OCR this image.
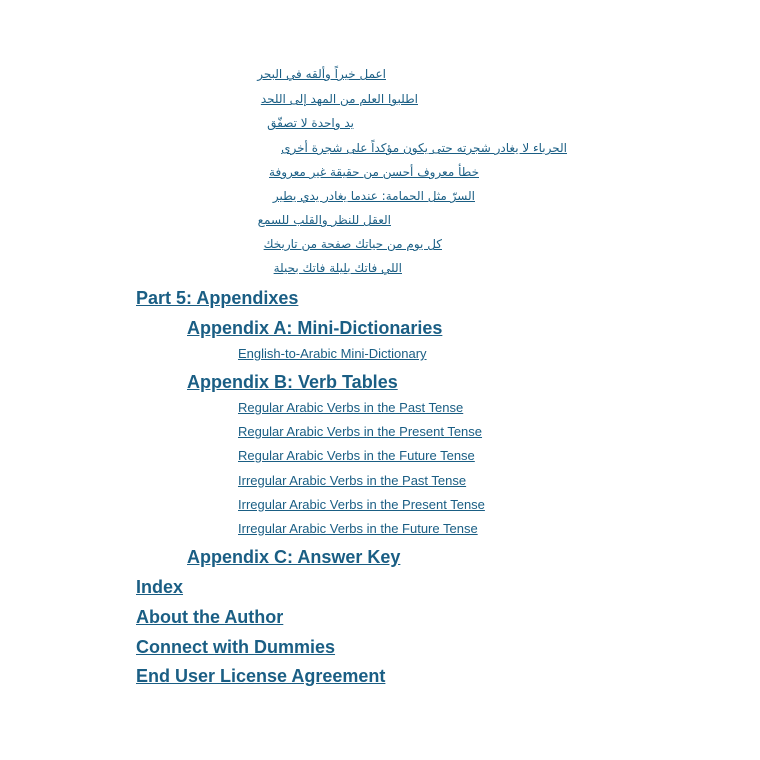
اعمل خيراً وألقه في البحر
اطلبوا العلم من المهد إلى اللحد
يد واحدة لا تصفّق
الحرباء لا يغادر شجرته حتى يكون مؤكداً على شجرة أخرى
خطأ معروف أحسن من حقيقة غير معروفة
السرّ مثل الحمامة: عندما يغادر يدي يطير
العقل للنظر والقلب للسمع
كل يوم من حياتك صفحة من تاريخك
اللي فاتك بليلة فاتك بحيلة
Part 5: Appendixes
Appendix A: Mini-Dictionaries
English-to-Arabic Mini-Dictionary
Appendix B: Verb Tables
Regular Arabic Verbs in the Past Tense
Regular Arabic Verbs in the Present Tense
Regular Arabic Verbs in the Future Tense
Irregular Arabic Verbs in the Past Tense
Irregular Arabic Verbs in the Present Tense
Irregular Arabic Verbs in the Future Tense
Appendix C: Answer Key
Index
About the Author
Connect with Dummies
End User License Agreement
